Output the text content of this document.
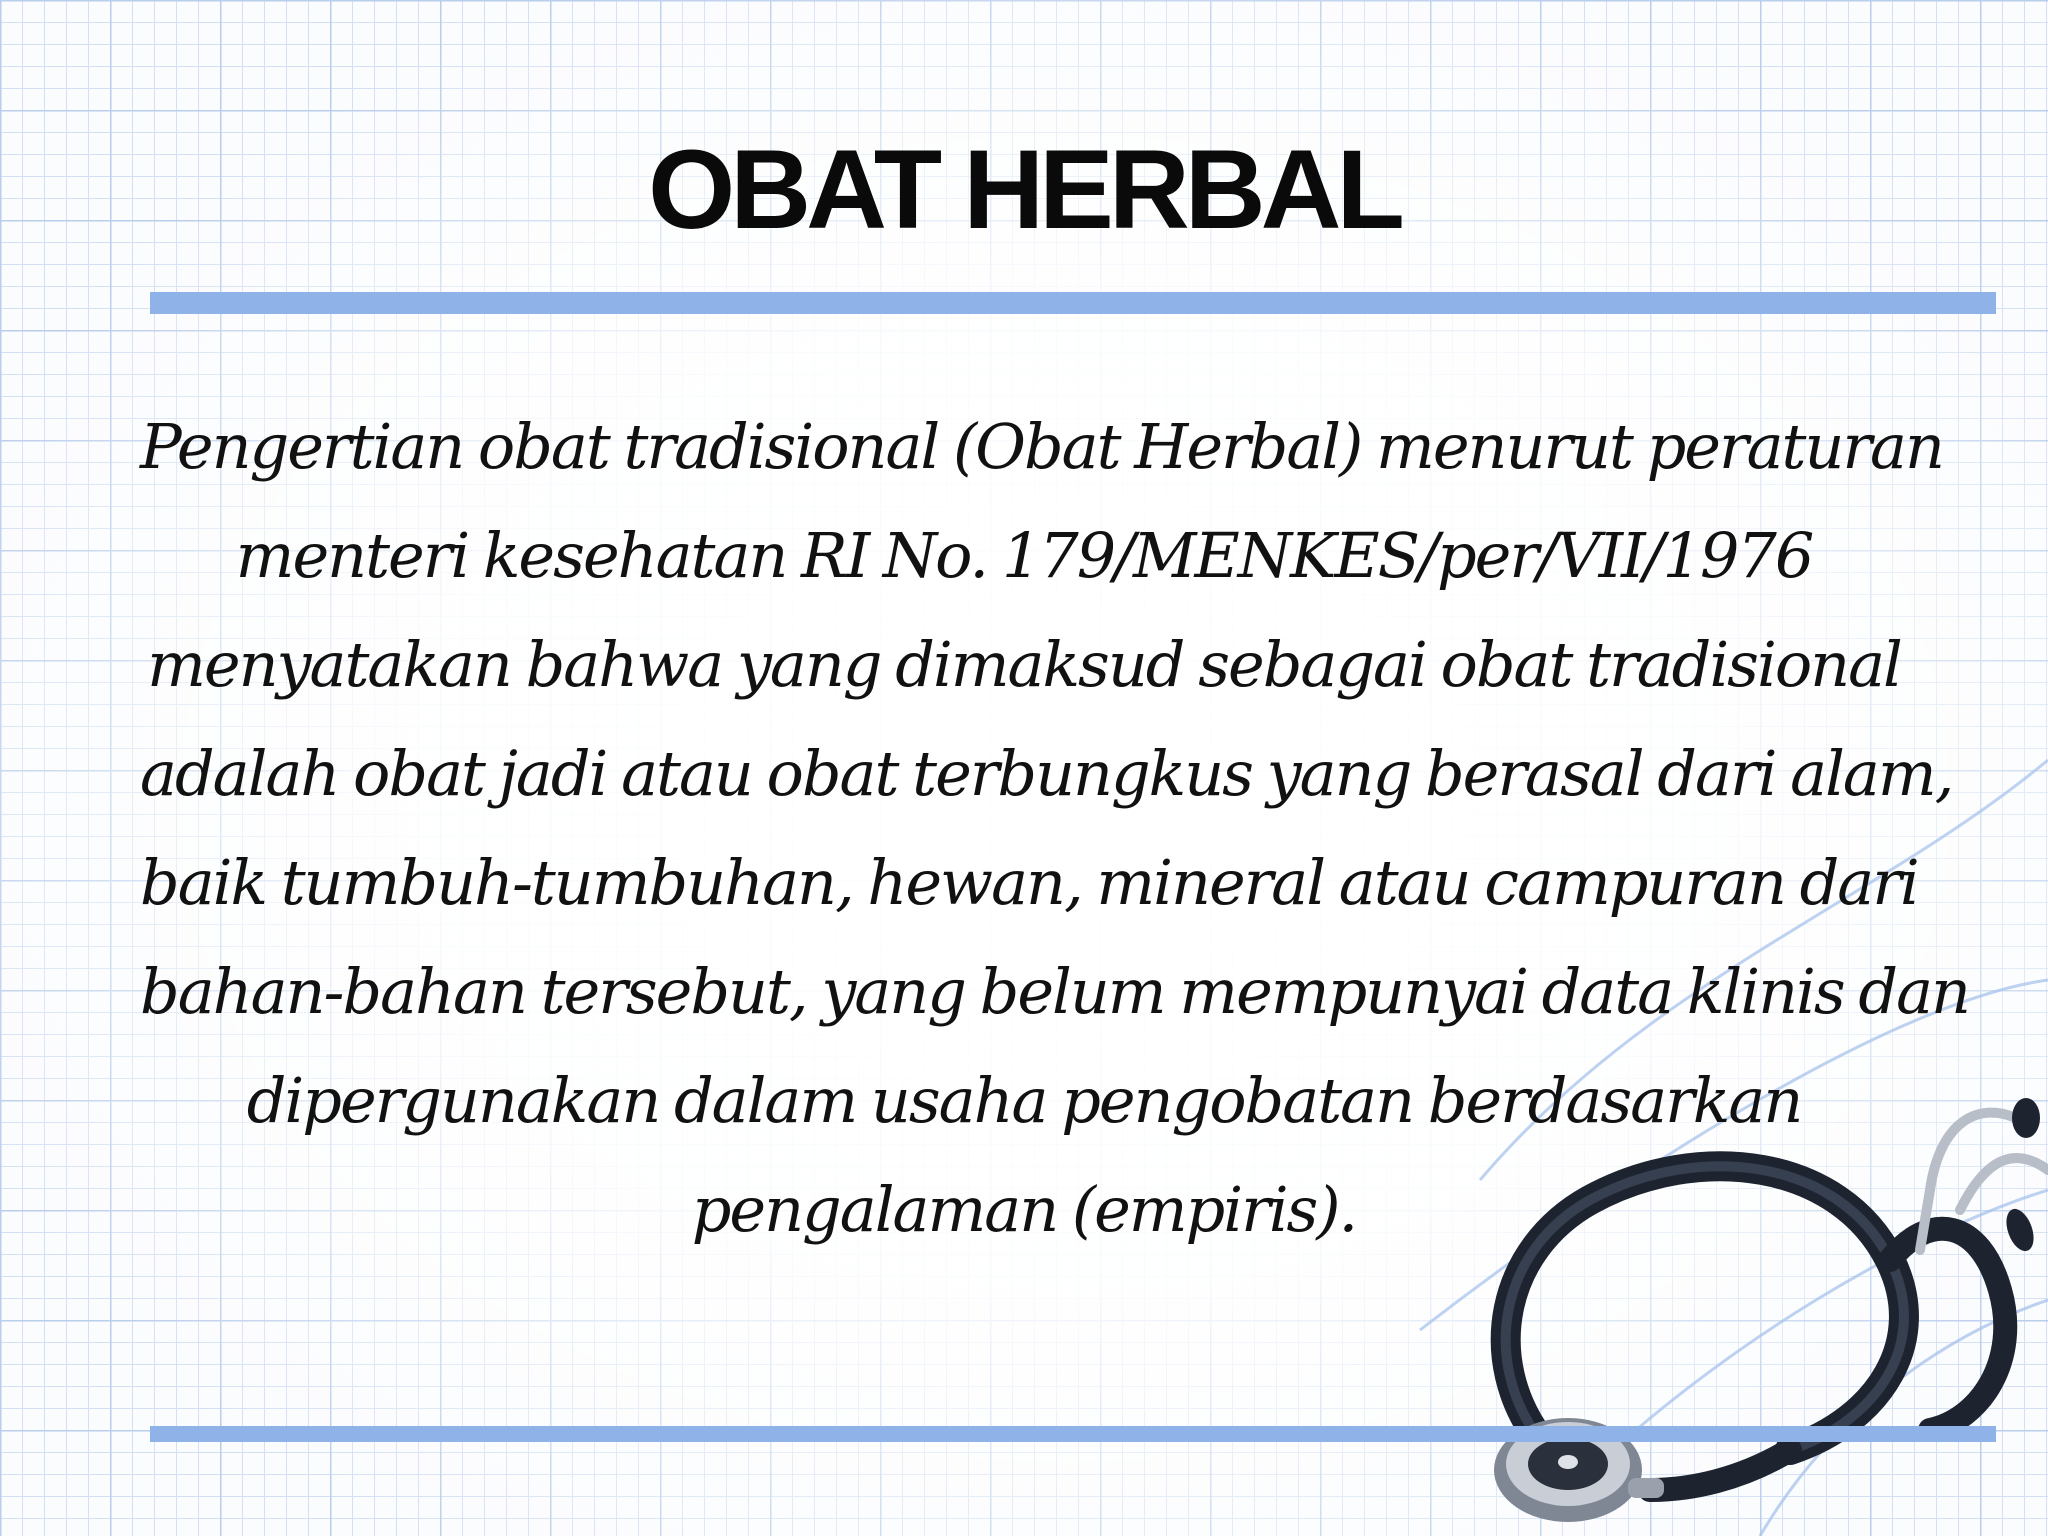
OBAT HERBAL
Pengertian obat tradisional (Obat Herbal) menurut peraturan
menteri kesehatan RI No. 179/MENKES/per/VII/1976
menyatakan bahwa yang dimaksud sebagai obat tradisional
adalah obat jadi atau obat terbungkus yang berasal dari alam,
baik tumbuh-tumbuhan, hewan, mineral atau campuran dari
bahan-bahan tersebut, yang belum mempunyai data klinis dan
dipergunakan dalam usaha pengobatan berdasarkan
pengalaman (empiris).
